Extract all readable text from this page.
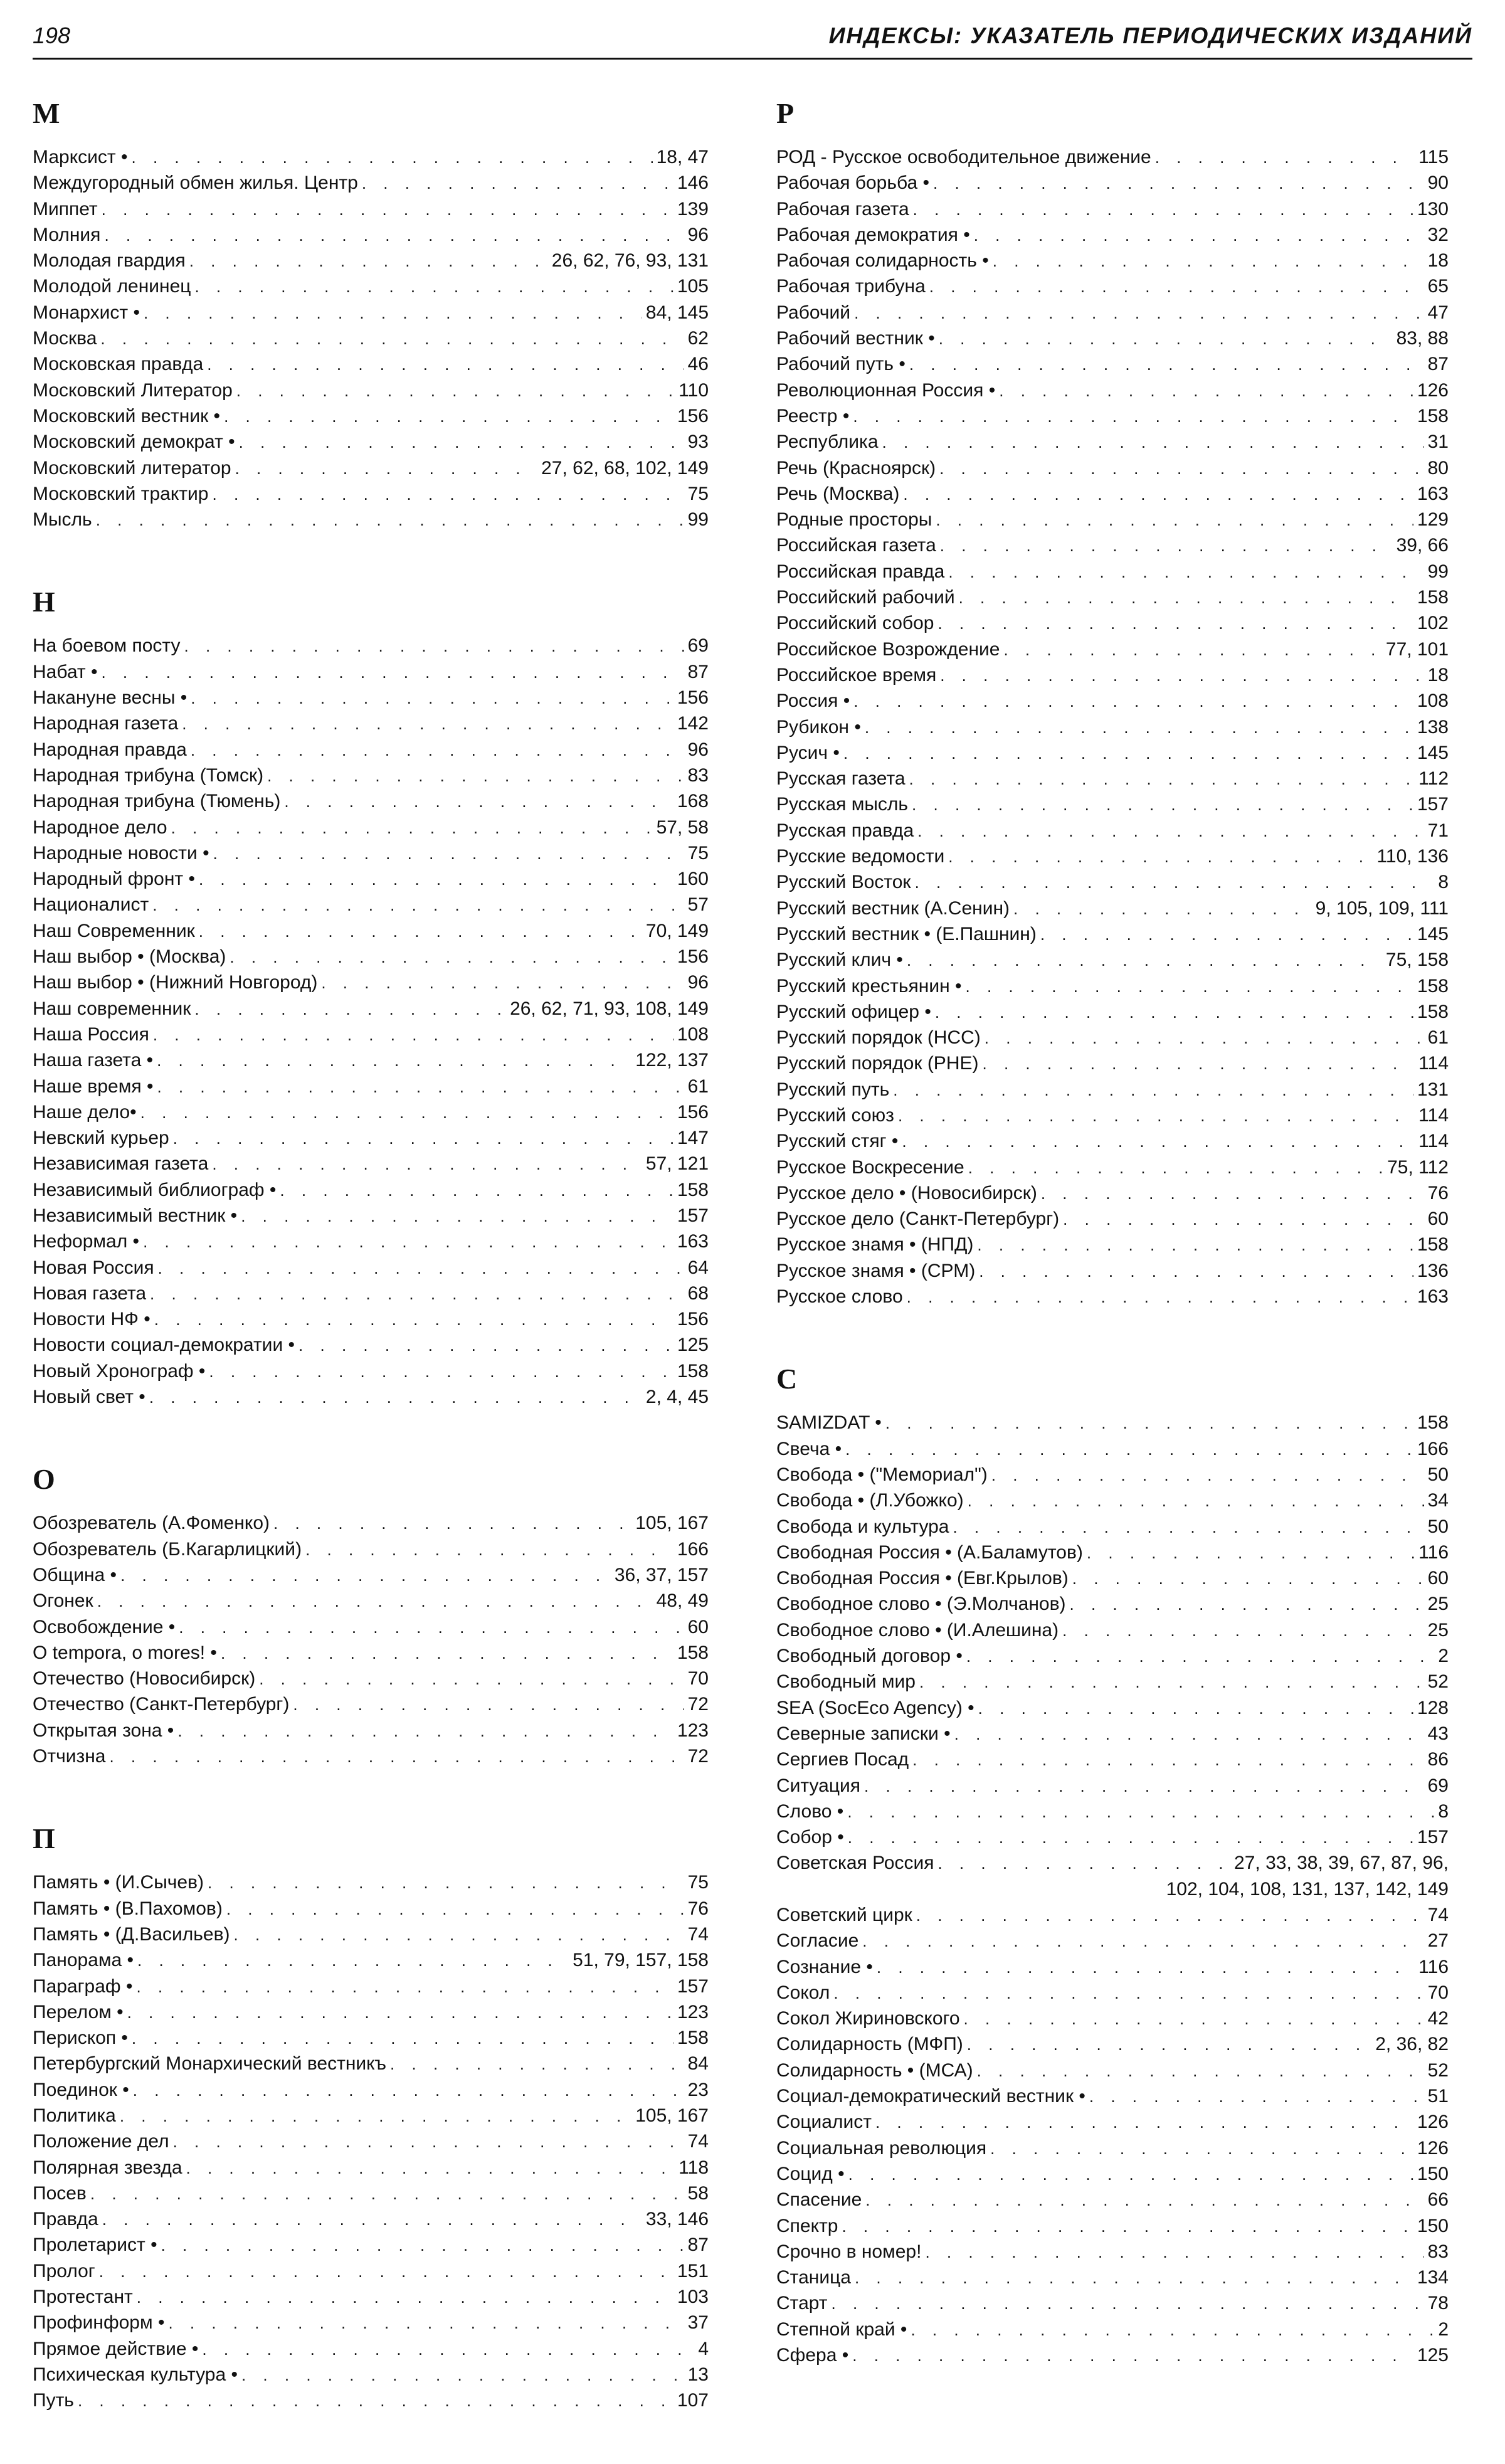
198	ИНДЕКСЫ: УКАЗАТЕЛЬ ПЕРИОДИЧЕСКИХ ИЗДАНИЙ
М
Марксист • . . .	18, 47
Междугородный обмен жилья. Центр . . .	146
Миппет . . .	139
Молния . . .	96
Молодая гвардия . . .	26, 62, 76, 93, 131
Молодой ленинец . . .	105
Монархист • . . .	84, 145
Москва . . .	62
Московская правда . . .	46
Московский Литератор . . .	110
Московский вестник • . . .	156
Московский демократ • . . .	93
Московский литератор . . .	27, 62, 68, 102, 149
Московский трактир . . .	75
Мысль . . .	99
Н
На боевом посту . . .	69
Набат • . . .	87
Накануне весны • . . .	156
Народная газета . . .	142
Народная правда . . .	96
Народная трибуна (Томск) . . .	83
Народная трибуна (Тюмень) . . .	168
Народное дело . . .	57, 58
Народные новости • . . .	75
Народный фронт • . . .	160
Националист . . .	57
Наш Современник . . .	70, 149
Наш выбор • (Москва) . . .	156
Наш выбор • (Нижний Новгород) . . .	96
Наш современник . . .	26, 62, 71, 93, 108, 149
Наша Россия . . .	108
Наша газета • . . .	122, 137
Наше время • . . .	61
Наше дело• . . .	156
Невский курьер . . .	147
Независимая газета . . .	57, 121
Независимый библиограф • . . .	158
Независимый вестник • . . .	157
Неформал • . . .	163
Новая Россия . . .	64
Новая газета . . .	68
Новости НФ • . . .	156
Новости социал-демократии • . . .	125
Новый Хронограф • . . .	158
Новый свет • . . .	2, 4, 45
О
Обозреватель (А.Фоменко) . . .	105, 167
Обозреватель (Б.Кагарлицкий) . . .	166
Община • . . .	36, 37, 157
Огонек . . .	48, 49
Освобождение • . . .	60
О tempora, o mores! • . . .	158
Отечество (Новосибирск) . . .	70
Отечество (Санкт-Петербург) . . .	72
Открытая зона • . . .	123
Отчизна . . .	72
П
Память • (И.Сычев) . . .	75
Память • (В.Пахомов) . . .	76
Память • (Д.Васильев) . . .	74
Панорама • . . .	51, 79, 157, 158
Параграф • . . .	157
Перелом • . . .	123
Перископ • . . .	158
Петербургский Монархический вестникъ . . .	84
Поединок • . . .	23
Политика . . .	105, 167
Положение дел . . .	74
Полярная звезда . . .	118
Посев . . .	58
Правда . . .	33, 146
Пролетарист • . . .	87
Пролог . . .	151
Протестант . . .	103
Профинформ • . . .	37
Прямое действие • . . .	4
Психическая культура • . . .	13
Путь . . .	107
Р
РОД - Русское освободительное движение . . .	115
Рабочая борьба • . . .	90
Рабочая газета . . .	130
Рабочая демократия • . . .	32
Рабочая солидарность • . . .	18
Рабочая трибуна . . .	65
Рабочий . . .	47
Рабочий вестник • . . .	83, 88
Рабочий путь • . . .	87
Революционная Россия • . . .	126
Реестр • . . .	158
Республика . . .	31
Речь (Красноярск) . . .	80
Речь (Москва) . . .	163
Родные просторы . . .	129
Российская газета . . .	39, 66
Российская правда . . .	99
Российский рабочий . . .	158
Российский собор . . .	102
Российское Возрождение . . .	77, 101
Российское время . . .	18
Россия • . . .	108
Рубикон • . . .	138
Русич • . . .	145
Русская газета . . .	112
Русская мысль . . .	157
Русская правда . . .	71
Русские ведомости . . .	110, 136
Русский Восток . . .	8
Русский вестник (А.Сенин) . . .	9, 105, 109, 111
Русский вестник • (Е.Пашнин) . . .	145
Русский клич • . . .	75, 158
Русский крестьянин • . . .	158
Русский офицер • . . .	158
Русский порядок (НСС) . . .	61
Русский порядок (РНЕ) . . .	114
Русский путь . . .	131
Русский союз . . .	114
Русский стяг • . . .	114
Русское Воскресение . . .	75, 112
Русское дело • (Новосибирск) . . .	76
Русское дело (Санкт-Петербург) . . .	60
Русское знамя • (НПД) . . .	158
Русское знамя • (СРМ) . . .	136
Русское слово . . .	163
С
SAMIZDAT • . . .	158
Свеча • . . .	166
Свобода • ("Мемориал") . . .	50
Свобода • (Л.Убожко) . . .	34
Свобода и культура . . .	50
Свободная Россия • (А.Баламутов) . . .	116
Свободная Россия • (Евг.Крылов) . . .	60
Свободное слово • (Э.Молчанов) . . .	25
Свободное слово • (И.Алешина) . . .	25
Свободный договор • . . .	2
Свободный мир . . .	52
SEA (SocEco Agency) • . . .	128
Северные записки • . . .	43
Сергиев Посад . . .	86
Ситуация . . .	69
Слово • . . .	8
Собор • . . .	157
Советская Россия . . .	27, 33, 38, 39, 67, 87, 96,
102, 104, 108, 131, 137, 142, 149
Советский цирк . . .	74
Согласие . . .	27
Сознание • . . .	116
Сокол . . .	70
Сокол Жириновского . . .	42
Солидарность (МФП) . . .	2, 36, 82
Солидарность • (МСА) . . .	52
Социал-демократический вестник • . . .	51
Социалист . . .	126
Социальная революция . . .	126
Социд • . . .	150
Спасение . . .	66
Спектр . . .	150
Срочно в номер! . . .	83
Станица . . .	134
Старт . . .	78
Степной край • . . .	2
Сфера • . . .	125
